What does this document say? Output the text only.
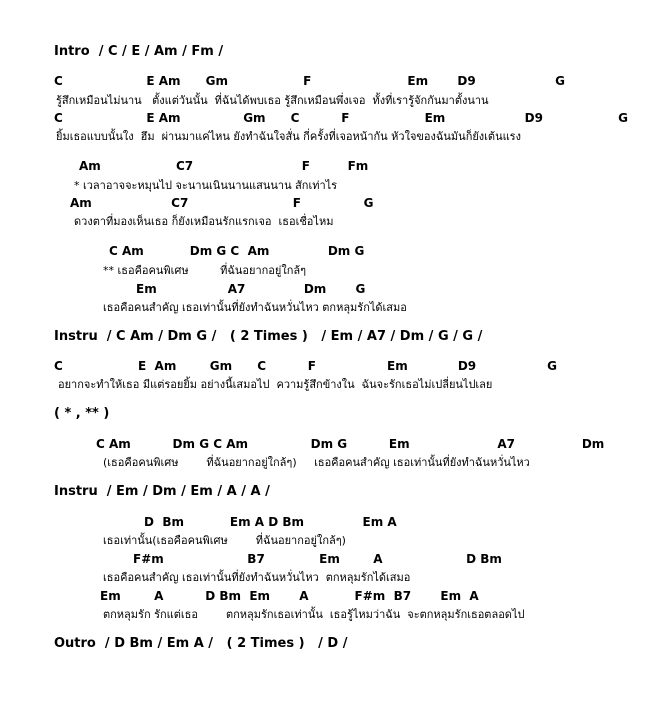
Intro  / C / E / Am / Fm /
C                    E Am      Gm                  F                       Em       D9                   G
รู้สึกเหมือนไม่นาน   ตั้งแต่วันนั้น  ที่ฉันได้พบเธอ รู้สึกเหมือนพึ่งเจอ  ทั้งที่เรารู้จักกันมาตั้งนาน
C                    E Am               Gm      C          F                  Em                   D9                  G
ยิ้มเธอแบบนั้นใง  ฮึม  ผ่านมาแค่ไหน ยังทำฉันใจสั่น กี่ครั้งที่เจอหน้ากัน หัวใจของฉันมันก็ยังเต้นแรง
Am                  C7                          F         Fm
* เวลาอาจจะหมุนไป จะนานเนินนานแสนนาน สักเท่าไร
Am                   C7                         F               G
ดวงตาที่มองเห็นเธอ ก็ยังเหมือนรักแรกเจอ  เธอเชื่อไหม
C Am           Dm G C  Am              Dm G
** เธอคือคนพิเศษ         ที่ฉันอยากอยู่ใกล้ๆ
Em                 A7              Dm       G
เธอคือคนสำคัญ เธอเท่านั้นที่ยังทำฉันหวั่นไหว ตกหลุมรักได้เสมอ
Instru  / C Am / Dm G /   ( 2 Times )   / Em / A7 / Dm / G / G /
C                  E  Am        Gm      C          F                 Em            D9                 G
อยากจะทำให้เธอ มีแต่รอยยิ้ม อย่างนี้เสมอไป  ความรู้สึกข้างใน  ฉันจะรักเธอไม่เปลี่ยนไปเลย
( * , ** )
C Am          Dm G C Am               Dm G          Em                     A7                Dm
(เธอคือคนพิเศษ        ที่ฉันอยากอยู่ใกล้ๆ)     เธอคือคนสำคัญ เธอเท่านั้นที่ยังทำฉันหวั่นไหว
Instru  / Em / Dm / Em / A / A /
D  Bm           Em A D Bm              Em A
เธอเท่านั้น(เธอคือคนพิเศษ        ที่ฉันอยากอยู่ใกล้ๆ)
F#m                    B7             Em        A                    D Bm
เธอคือคนสำคัญ เธอเท่านั้นที่ยังทำฉันหวั่นไหว  ตกหลุมรักได้เสมอ
Em        A          D Bm  Em       A           F#m  B7       Em  A
ตกหลุมรัก รักแต่เธอ        ตกหลุมรักเธอเท่านั้น  เธอรู้ไหมว่าฉัน  จะตกหลุมรักเธอตลอดไป
Outro  / D Bm / Em A /   ( 2 Times )   / D /
